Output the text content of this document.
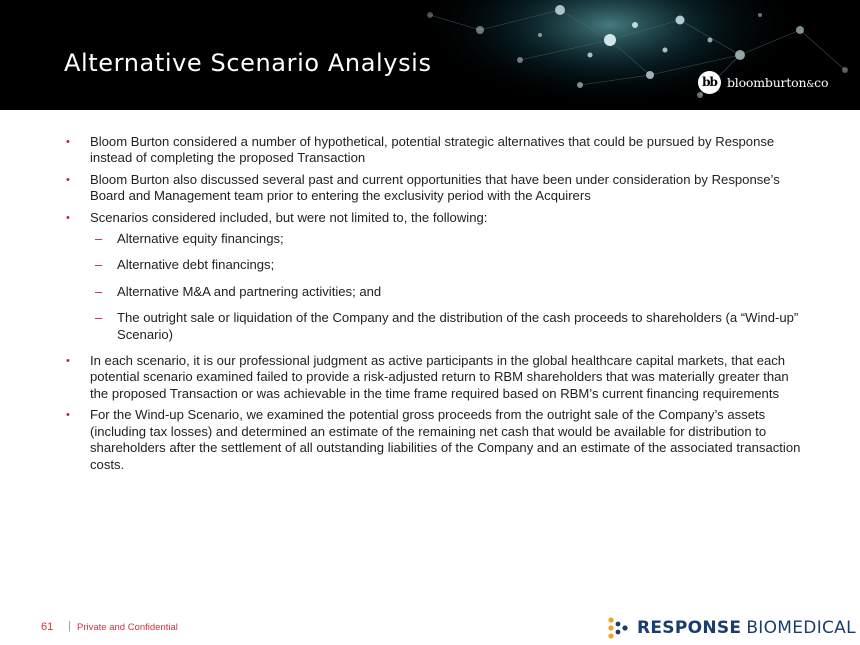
Alternative Scenario Analysis
bb bloomburton&co
• Bloom Burton considered a number of hypothetical, potential strategic alternatives that could be pursued by Response instead of completing the proposed Transaction
• Bloom Burton also discussed several past and current opportunities that have been under consideration by Response’s Board and Management team prior to entering the exclusivity period with the Acquirers
• Scenarios considered included, but were not limited to, the following:
– Alternative equity financings;
– Alternative debt financings;
– Alternative M&A and partnering activities; and
– The outright sale or liquidation of the Company and the distribution of the cash proceeds to shareholders (a “Wind-up” Scenario)
• In each scenario, it is our professional judgment as active participants in the global healthcare capital markets, that each potential scenario examined failed to provide a risk-adjusted return to RBM shareholders that was materially greater than the proposed Transaction or was achievable in the time frame required based on RBM’s current financing requirements
• For the Wind-up Scenario, we examined the potential gross proceeds from the outright sale of the Company’s assets (including tax losses) and determined an estimate of the remaining net cash that would be available for distribution to shareholders after the settlement of all outstanding liabilities of the Company and an estimate of the associated transaction costs.
61 | Private and Confidential	RESPONSE BIOMEDICAL
